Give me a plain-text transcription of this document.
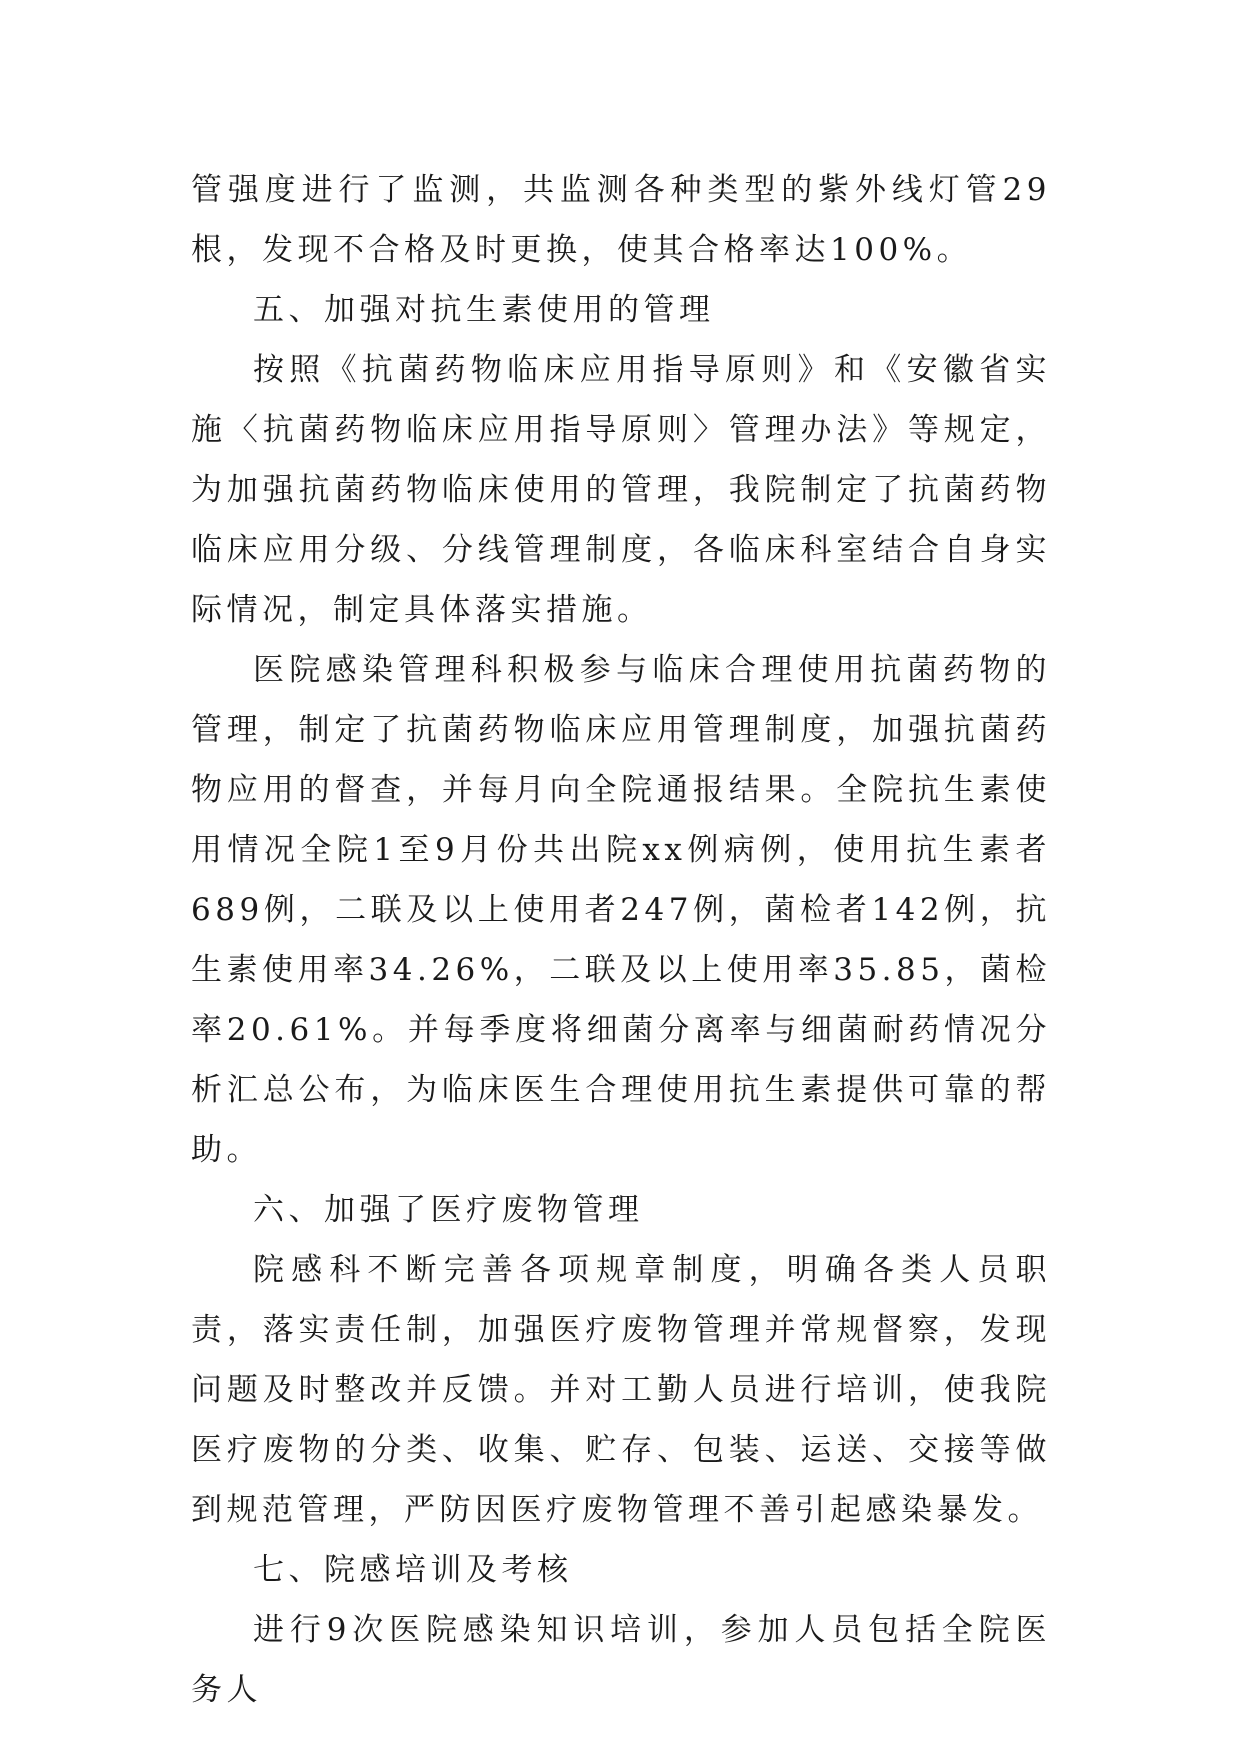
管强度进行了监测，共监测各种类型的紫外线灯管29根，发现不合格及时更换，使其合格率达100%。

五、加强对抗生素使用的管理

按照《抗菌药物临床应用指导原则》和《安徽省实施〈抗菌药物临床应用指导原则〉管理办法》等规定，为加强抗菌药物临床使用的管理，我院制定了抗菌药物临床应用分级、分线管理制度，各临床科室结合自身实际情况，制定具体落实措施。

医院感染管理科积极参与临床合理使用抗菌药物的管理，制定了抗菌药物临床应用管理制度，加强抗菌药物应用的督查，并每月向全院通报结果。全院抗生素使用情况全院1至9月份共出院xx例病例，使用抗生素者689例，二联及以上使用者247例，菌检者142例，抗生素使用率34.26%，二联及以上使用率35.85，菌检率20.61%。并每季度将细菌分离率与细菌耐药情况分析汇总公布，为临床医生合理使用抗生素提供可靠的帮助。

六、加强了医疗废物管理

院感科不断完善各项规章制度，明确各类人员职责，落实责任制，加强医疗废物管理并常规督察，发现问题及时整改并反馈。并对工勤人员进行培训，使我院医疗废物的分类、收集、贮存、包装、运送、交接等做到规范管理，严防因医疗废物管理不善引起感染暴发。

七、院感培训及考核

进行9次医院感染知识培训，参加人员包括全院医务人
